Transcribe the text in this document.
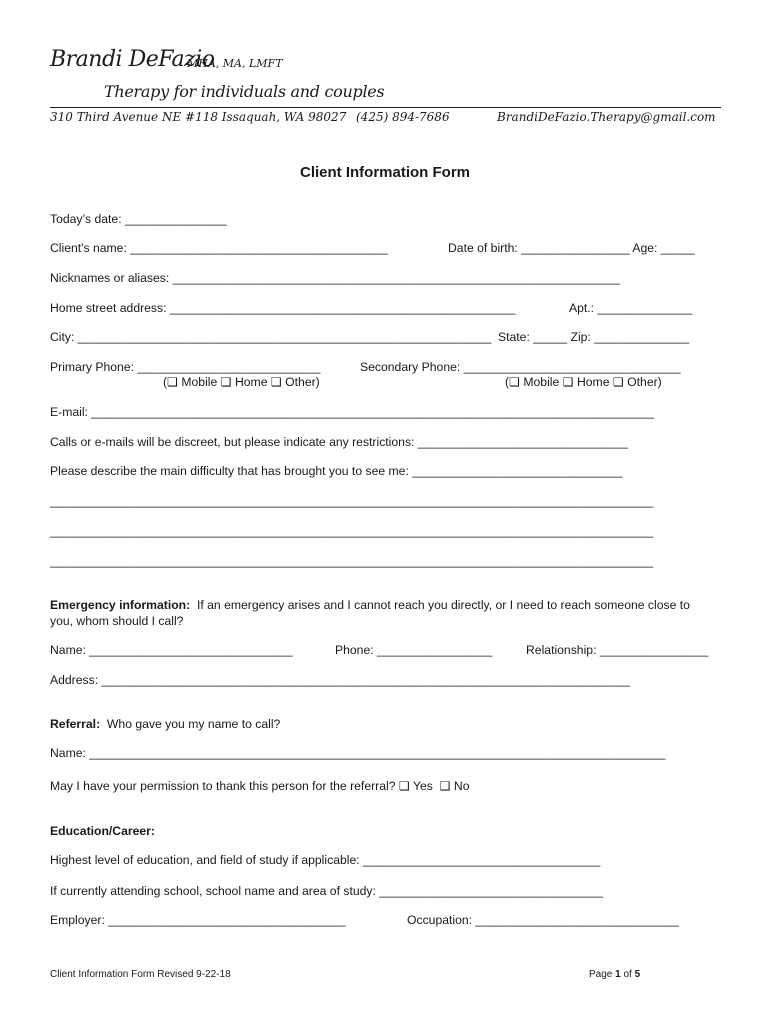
Brandi DeFazio
MHA, MA, LMFT
Therapy for individuals and couples
310 Third Avenue NE #118 Issaquah, WA 98027 (425) 894-7686	BrandiDeFazio.Therapy@gmail.com
Client Information Form
Today’s date: _______________
Client's name: ______________________________________	Date of birth: ________________ Age: _____
Nicknames or aliases: __________________________________________________________________
Home street address: ___________________________________________________	Apt.: ______________
City: _____________________________________________________________ State: _____ Zip: ______________
Primary Phone: ___________________________	Secondary Phone: ________________________________
(❑ Mobile ❑ Home ❑ Other)	(❑ Mobile ❑ Home ❑ Other)
E-mail: ___________________________________________________________________________________
Calls or e-mails will be discreet, but please indicate any restrictions: _______________________________
Please describe the main difficulty that has brought you to see me: _______________________________
_________________________________________________________________________________________
_________________________________________________________________________________________
_________________________________________________________________________________________
Emergency information: If an emergency arises and I cannot reach you directly, or I need to reach someone close to
you, whom should I call?
Name: ______________________________	Phone: _________________	Relationship: ________________
Address: ______________________________________________________________________________
Referral: Who gave you my name to call?
Name: _____________________________________________________________________________________
May I have your permission to thank this person for the referral? ❑ Yes  ❑ No
Education/Career:
Highest level of education, and field of study if applicable: ___________________________________
If currently attending school, school name and area of study: _________________________________
Employer: ___________________________________	Occupation: ______________________________
Client Information Form Revised 9-22-18	Page 1 of 5
